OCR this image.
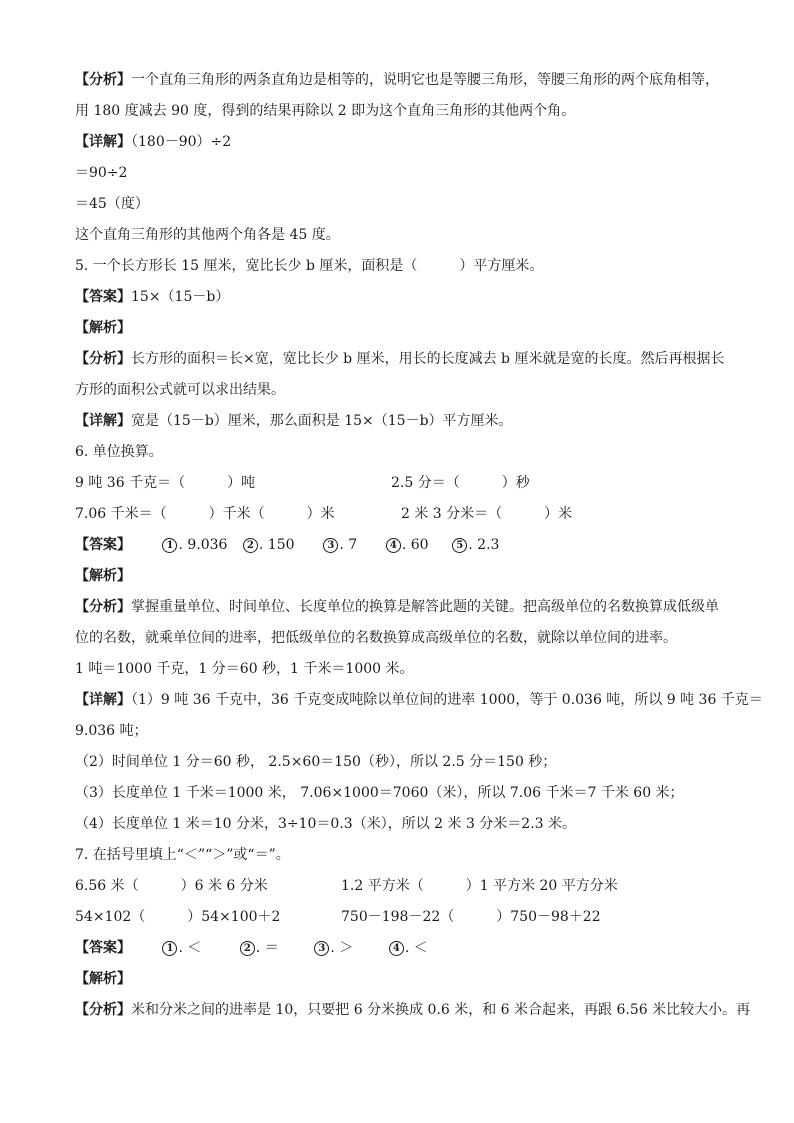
【分析】一个直角三角形的两条直角边是相等的，说明它也是等腰三角形，等腰三角形的两个底角相等，
用 180 度减去 90 度，得到的结果再除以 2 即为这个直角三角形的其他两个角。
【详解】（180－90）÷2
＝90÷2
＝45（度）
这个直角三角形的其他两个角各是 45 度。
5. 一个长方形长 15 厘米，宽比长少 b 厘米，面积是（　　　）平方厘米。
【答案】15×（15－b）
【解析】
【分析】长方形的面积＝长×宽，宽比长少 b 厘米，用长的长度减去 b 厘米就是宽的长度。然后再根据长
方形的面积公式就可以求出结果。
【详解】宽是（15－b）厘米，那么面积是 15×（15－b）平方厘米。
6. 单位换算。
9 吨 36 千克＝（　　　）吨	2.5 分＝（　　　）秒
7.06 千米＝（　　　）千米（　　　）米	2 米 3 分米＝（　　　）米
【答案】	1 . 9.036 2 . 150	3 . 7	4 . 60	5 . 2.3
【解析】
【分析】掌握重量单位、时间单位、长度单位的换算是解答此题的关键。把高级单位的名数换算成低级单
位的名数，就乘单位间的进率，把低级单位的名数换算成高级单位的名数，就除以单位间的进率。
1 吨＝1000 千克，1 分＝60 秒，1 千米＝1000 米。
【详解】（1）9 吨 36 千克中，36 千克变成吨除以单位间的进率 1000，等于 0.036 吨，所以 9 吨 36 千克＝
9.036 吨；
（2）时间单位 1 分＝60 秒， 2.5×60＝150（秒），所以 2.5 分＝150 秒；
（3）长度单位 1 千米＝1000 米， 7.06×1000＝7060（米），所以 7.06 千米＝7 千米 60 米；
（4）长度单位 1 米＝10 分米，3÷10＝0.3（米），所以 2 米 3 分米＝2.3 米。
7. 在括号里填上“＜”“＞”或“＝”。
6.56 米（　　　）6 米 6 分米	1.2 平方米（　　　）1 平方米 20 平方分米
54×102（　　　）54×100＋2	750－198－22（　　　）750－98＋22
【答案】	1 . ＜	2 . ＝	3 . ＞	4 . ＜
【解析】
【分析】米和分米之间的进率是 10，只要把 6 分米换成 0.6 米，和 6 米合起来，再跟 6.56 米比较大小。再
